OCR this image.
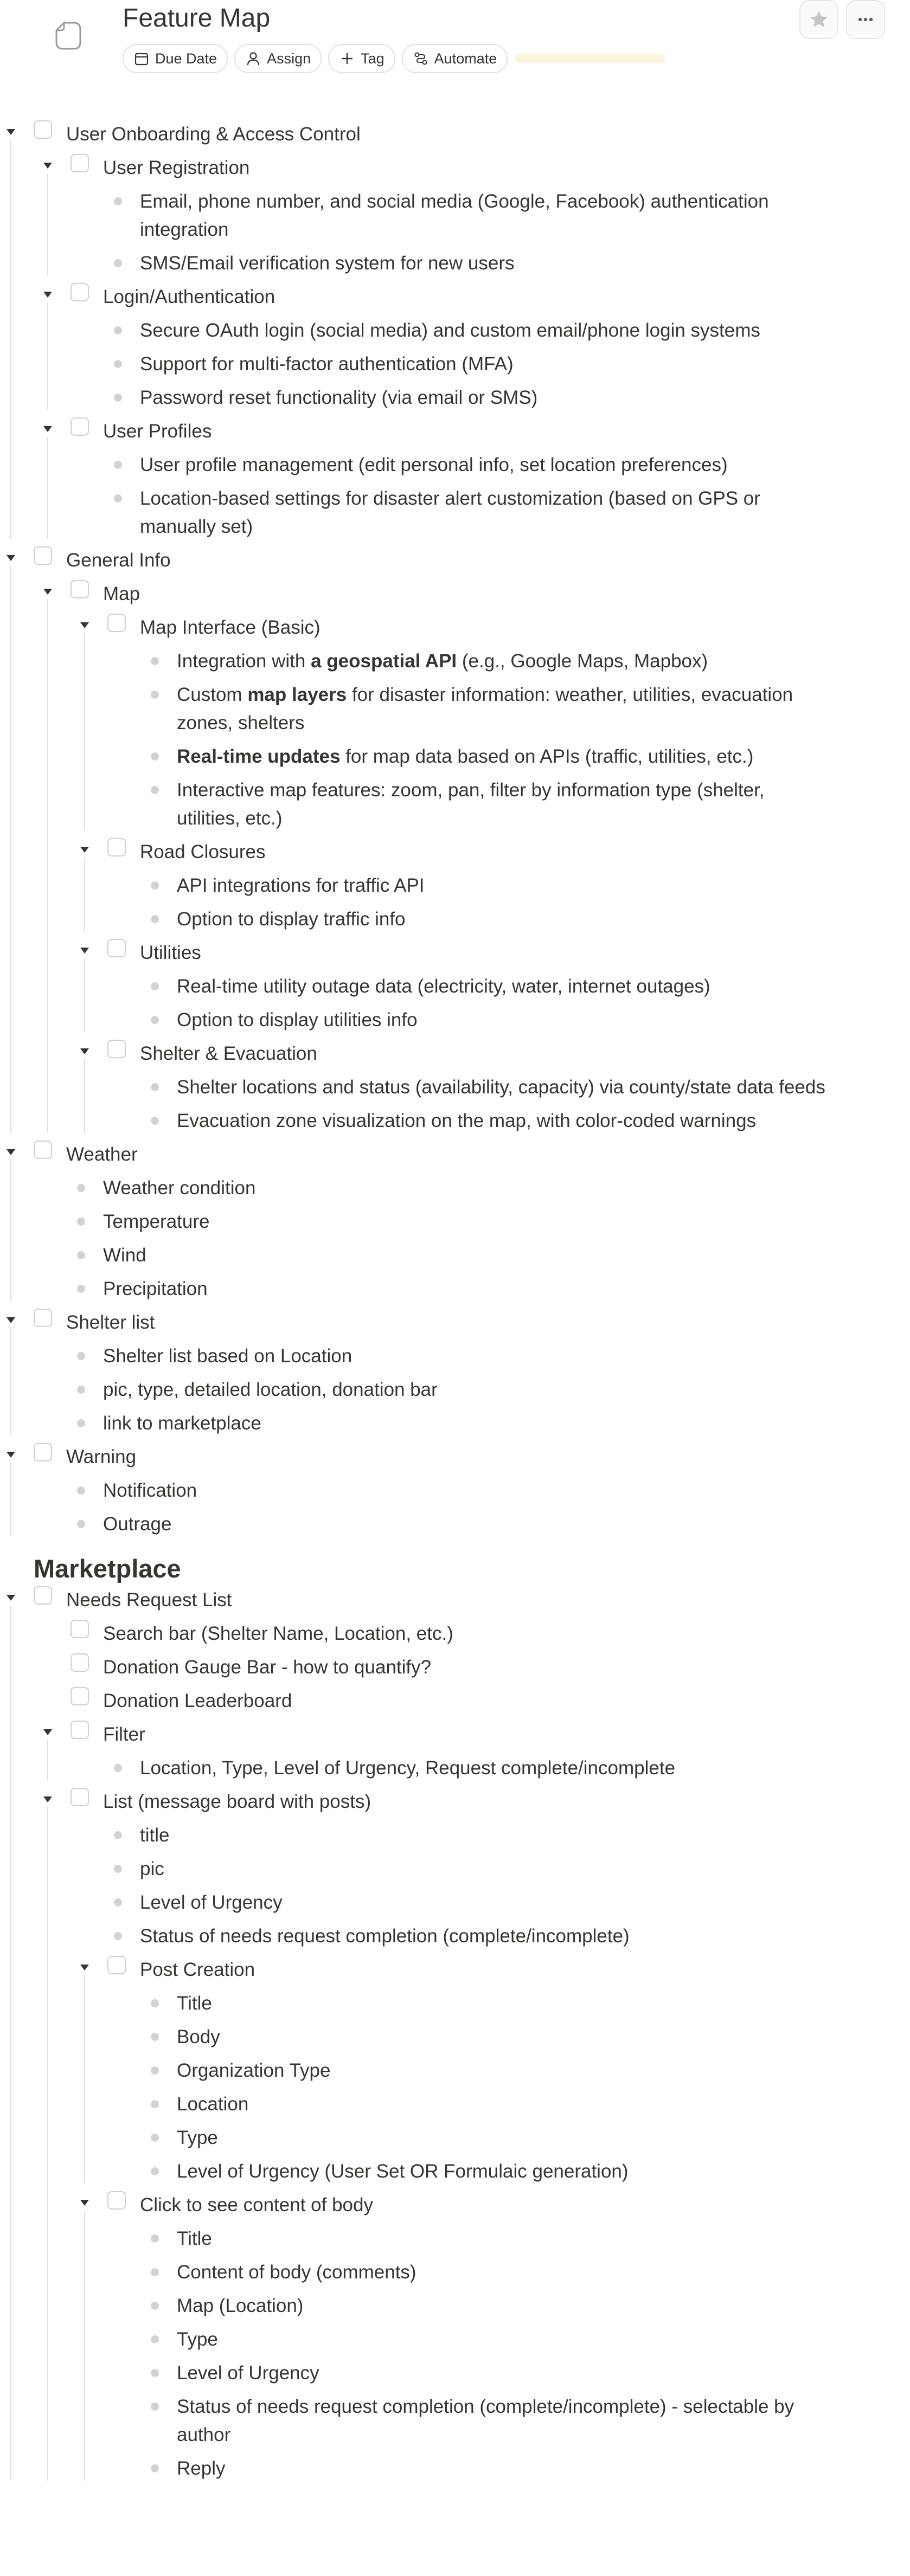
Feature Map
Due Date	Assign	Tag	Automate
Marketplace
User Onboarding & Access Control
User Registration
Email, phone number, and social media (Google, Facebook) authentication
integration
SMS/Email verification system for new users
Login/Authentication
Secure OAuth login (social media) and custom email/phone login systems
Support for multi-factor authentication (MFA)
Password reset functionality (via email or SMS)
User Profiles
User profile management (edit personal info, set location preferences)
Location-based settings for disaster alert customization (based on GPS or
manually set)
General Info
Map
Map Interface (Basic)
Integration with a geospatial API (e.g., Google Maps, Mapbox)
Custom map layers for disaster information: weather, utilities, evacuation
zones, shelters
Real-time updates for map data based on APIs (traffic, utilities, etc.)
Interactive map features: zoom, pan, filter by information type (shelter,
utilities, etc.)
Road Closures
API integrations for traffic API
Option to display traffic info
Utilities
Real-time utility outage data (electricity, water, internet outages)
Option to display utilities info
Shelter & Evacuation
Shelter locations and status (availability, capacity) via county/state data feeds
Evacuation zone visualization on the map, with color-coded warnings
Weather
Weather condition
Temperature
Wind
Precipitation
Shelter list
Shelter list based on Location
pic, type, detailed location, donation bar
link to marketplace
Warning
Notification
Outrage
Needs Request List
Search bar (Shelter Name, Location, etc.)
Donation Gauge Bar - how to quantify?
Donation Leaderboard
Filter
Location, Type, Level of Urgency, Request complete/incomplete
List (message board with posts)
title
pic
Level of Urgency
Status of needs request completion (complete/incomplete)
Post Creation
Title
Body
Organization Type
Location
Type
Level of Urgency (User Set OR Formulaic generation)
Click to see content of body
Title
Content of body (comments)
Map (Location)
Type
Level of Urgency
Status of needs request completion (complete/incomplete) - selectable by
author
Reply
